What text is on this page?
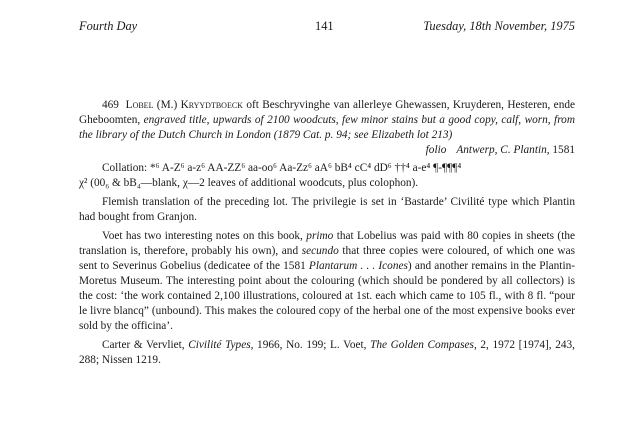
Fourth Day	141	Tuesday, 18th November, 1975

469 Lobel (M.) Kryydtboeck oft Beschryvinghe van allerleye Ghewassen, Kruyderen, Hesteren, ende Gheboomten, engraved title, upwards of 2100 woodcuts, few minor stains but a good copy, calf, worn, from the library of the Dutch Church in London (1879 Cat. p. 94; see Elizabeth lot 213)

folio Antwerp, C. Plantin, 1581

Collation: *⁶ A-Z⁶ a-z⁶ AA-ZZ⁶ aa-oo⁶ Aa-Zz⁶ aA⁶ bB⁴ cC⁴ dD⁶ ††⁴ a-e⁴ ¶-¶¶¶⁴

χ² (00₆ & bB₄—blank, χ—2 leaves of additional woodcuts, plus colophon).

Flemish translation of the preceding lot. The privilegie is set in ‘Bastarde’ Civilité type which Plantin had bought from Granjon.

Voet has two interesting notes on this book, primo that Lobelius was paid with 80 copies in sheets (the translation is, therefore, probably his own), and secundo that three copies were coloured, of which one was sent to Severinus Gobelius (dedicatee of the 1581 Plantarum . . . Icones) and another remains in the Plantin-Moretus Museum. The interesting point about the colouring (which should be pondered by all collectors) is the cost: ‘the work contained 2,100 illustrations, coloured at 1st. each which came to 105 fl., with 8 fl. “pour le livre blancq” (unbound). This makes the coloured copy of the herbal one of the most expensive books ever sold by the officina’.

Carter & Vervliet, Civilité Types, 1966, No. 199; L. Voet, The Golden Compases, 2, 1972 [1974], 243, 288; Nissen 1219.
